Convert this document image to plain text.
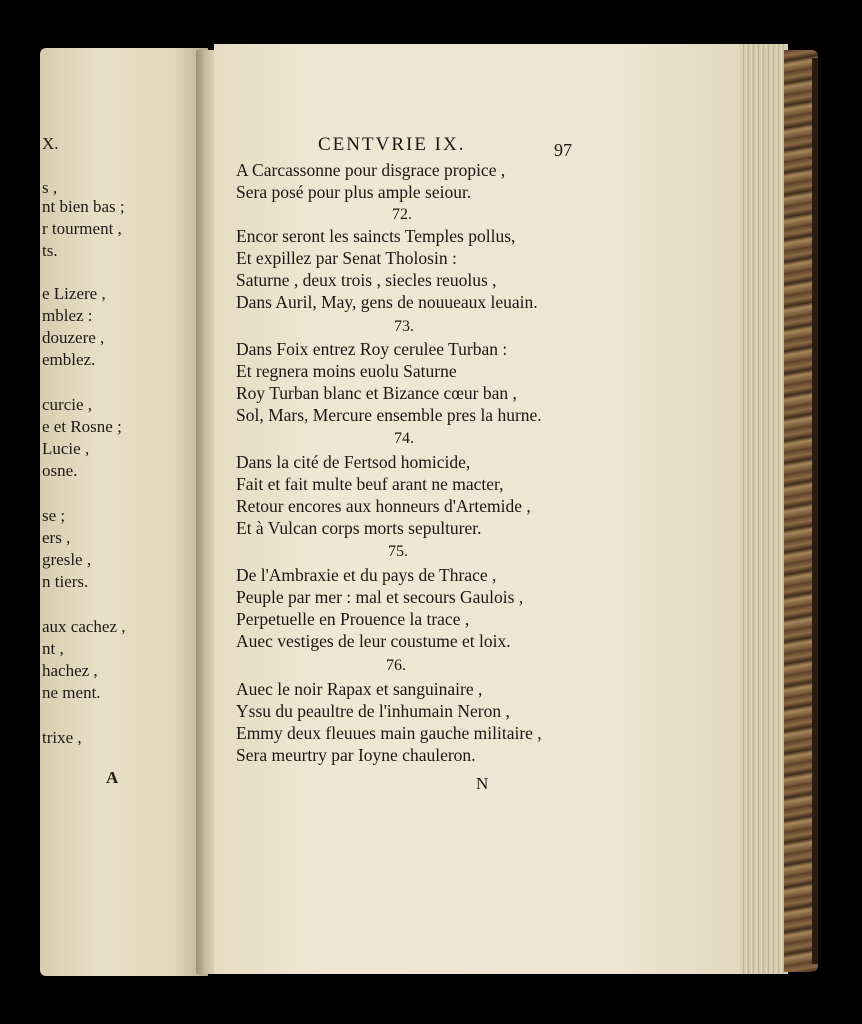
X.
s ,
nt bien bas ;
r tourment ,
ts.
e Lizere ,
mblez :
douzere ,
emblez.
curcie ,
e et Rosne ;
Lucie ,
osne.
se ;
ers ,
gresle ,
n tiers.
aux cachez ,
nt ,
hachez ,
ne ment.
trixe ,
A
CENTVRIE IX.	97
A Carcassonne pour disgrace propice ,
Sera posé pour plus ample seiour.
72.
Encor seront les saincts Temples pollus,
Et expillez par Senat Tholosin :
Saturne , deux trois , siecles reuolus ,
Dans Auril, May, gens de nouueaux leuain.
73.
Dans Foix entrez Roy cerulee Turban :
Et regnera moins euolu Saturne
Roy Turban blanc et Bizance cœur ban ,
Sol, Mars, Mercure ensemble pres la hurne.
74.
Dans la cité de Fertsod homicide,
Fait et fait multe beuf arant ne macter,
Retour encores aux honneurs d'Artemide ,
Et à Vulcan corps morts sepulturer.
75.
De l'Ambraxie et du pays de Thrace ,
Peuple par mer : mal et secours Gaulois ,
Perpetuelle en Prouence la trace ,
Auec vestiges de leur coustume et loix.
76.
Auec le noir Rapax et sanguinaire ,
Yssu du peaultre de l'inhumain Neron ,
Emmy deux fleuues main gauche militaire ,
Sera meurtry par Ioyne chauleron.
N
